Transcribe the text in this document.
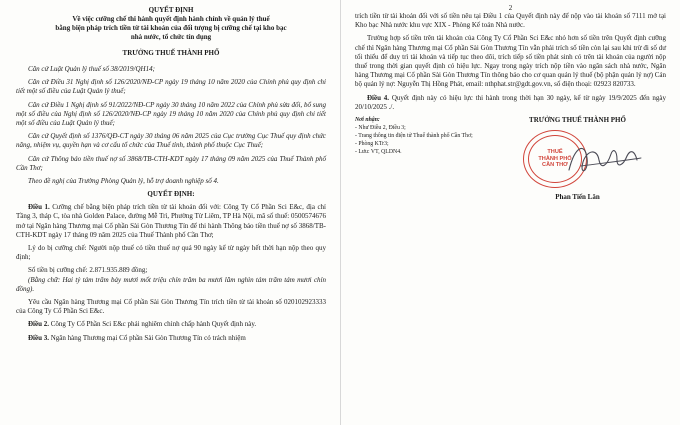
QUYẾT ĐỊNH

Về việc cưỡng chế thi hành quyết định hành chính về quản lý thuế

bằng biện pháp trích tiền từ tài khoản của đối tượng bị cưỡng chế tại kho bạc

nhà nước, tổ chức tín dụng

TRƯỞNG THUẾ THÀNH PHỐ

Căn cứ Luật Quản lý thuế số 38/2019/QH14;

Căn cứ Điều 31 Nghị định số 126/2020/NĐ-CP ngày 19 tháng 10 năm 2020 của Chính phủ quy định chi tiết một số điều của Luật Quản lý thuế;

Căn cứ Điều 1 Nghị định số 91/2022/NĐ-CP ngày 30 tháng 10 năm 2022 của Chính phủ sửa đổi, bổ sung một số điều của Nghị định số 126/2020/NĐ-CP ngày 19 tháng 10 năm 2020 của Chính phủ quy định chi tiết một số điều của Luật Quản lý thuế;

Căn cứ Quyết định số 1376/QĐ-CT ngày 30 tháng 06 năm 2025 của Cục trưởng Cục Thuế quy định chức năng, nhiệm vụ, quyền hạn và cơ cấu tổ chức của Thuế tỉnh, thành phố thuộc Cục Thuế;

Căn cứ Thông báo tiền thuế nợ số 3868/TB-CTH-KDT ngày 17 tháng 09 năm 2025 của Thuế Thành phố Cần Thơ;

Theo đề nghị của Trưởng Phòng Quản lý, hỗ trợ doanh nghiệp số 4.

QUYẾT ĐỊNH:

Điều 1. Cưỡng chế bằng biện pháp trích tiền từ tài khoản đối với: Công Ty Cổ Phần Sci E&c, địa chỉ Tầng 3, tháp C, tòa nhà Golden Palace, đường Mễ Trì, Phường Từ Liêm, TP Hà Nội, mã số thuế: 0500574676 mở tại Ngân hàng Thương mại Cổ phần Sài Gòn Thương Tín để thi hành Thông báo tiền thuế nợ số 3868/TB-CTH-KDT ngày 17 tháng 09 năm 2025 của Thuế Thành phố Cần Thơ;

Lý do bị cưỡng chế: Người nộp thuế có tiền thuế nợ quá 90 ngày kể từ ngày hết thời hạn nộp theo quy định;

Số tiền bị cưỡng chế: 2.871.935.889 đồng;

(Bằng chữ: Hai tỷ tám trăm bảy mươi mốt triệu chín trăm ba mươi lăm nghìn tám trăm tám mươi chín đồng).

Yêu cầu Ngân hàng Thương mại Cổ phần Sài Gòn Thương Tín trích tiền từ tài khoản số 020102923333 của Công Ty Cổ Phần Sci E&c.

Điều 2. Công Ty Cổ Phần Sci E&c phải nghiêm chỉnh chấp hành Quyết định này.

Điều 3. Ngân hàng Thương mại Cổ phần Sài Gòn Thương Tín có trách nhiệm

2

trích tiền từ tài khoản đối với số tiền nêu tại Điều 1 của Quyết định này để nộp vào tài khoản số 7111 mở tại Kho bạc Nhà nước khu vực XIX - Phòng Kế toán Nhà nước.

Trường hợp số tiền trên tài khoản của Công Ty Cổ Phần Sci E&c nhỏ hơn số tiền trên Quyết định cưỡng chế thì Ngân hàng Thương mại Cổ phần Sài Gòn Thương Tín vẫn phải trích số tiền còn lại sau khi trừ đi số dư tối thiểu để duy trì tài khoản và tiếp tục theo dõi, trích tiếp số tiền phát sinh có trên tài khoản của người nộp thuế trong thời gian quyết định có hiệu lực. Ngay trong ngày trích nộp tiền vào ngân sách nhà nước, Ngân hàng Thương mại Cổ phần Sài Gòn Thương Tín thông báo cho cơ quan quản lý thuế (bộ phận quản lý nợ) Cán bộ quản lý nợ: Nguyễn Thị Hồng Phát, email: nthphat.str@gdt.gov.vn, số điện thoại: 02923 820733.

Điều 4. Quyết định này có hiệu lực thi hành trong thời hạn 30 ngày, kể từ ngày 19/9/2025 đến ngày 20/10/2025 ./.

Nơi nhận:

- Như Điều 2, Điều 3;

- Trang thông tin điện tử Thuế thành phố Cần Thơ;

- Phòng KTr3;

- Lưu: VT, QLDN4.

TRƯỞNG THUẾ THÀNH PHỐ

THUẾ
THÀNH PHỐ
CẦN THƠ

Phan Tiến Lân
